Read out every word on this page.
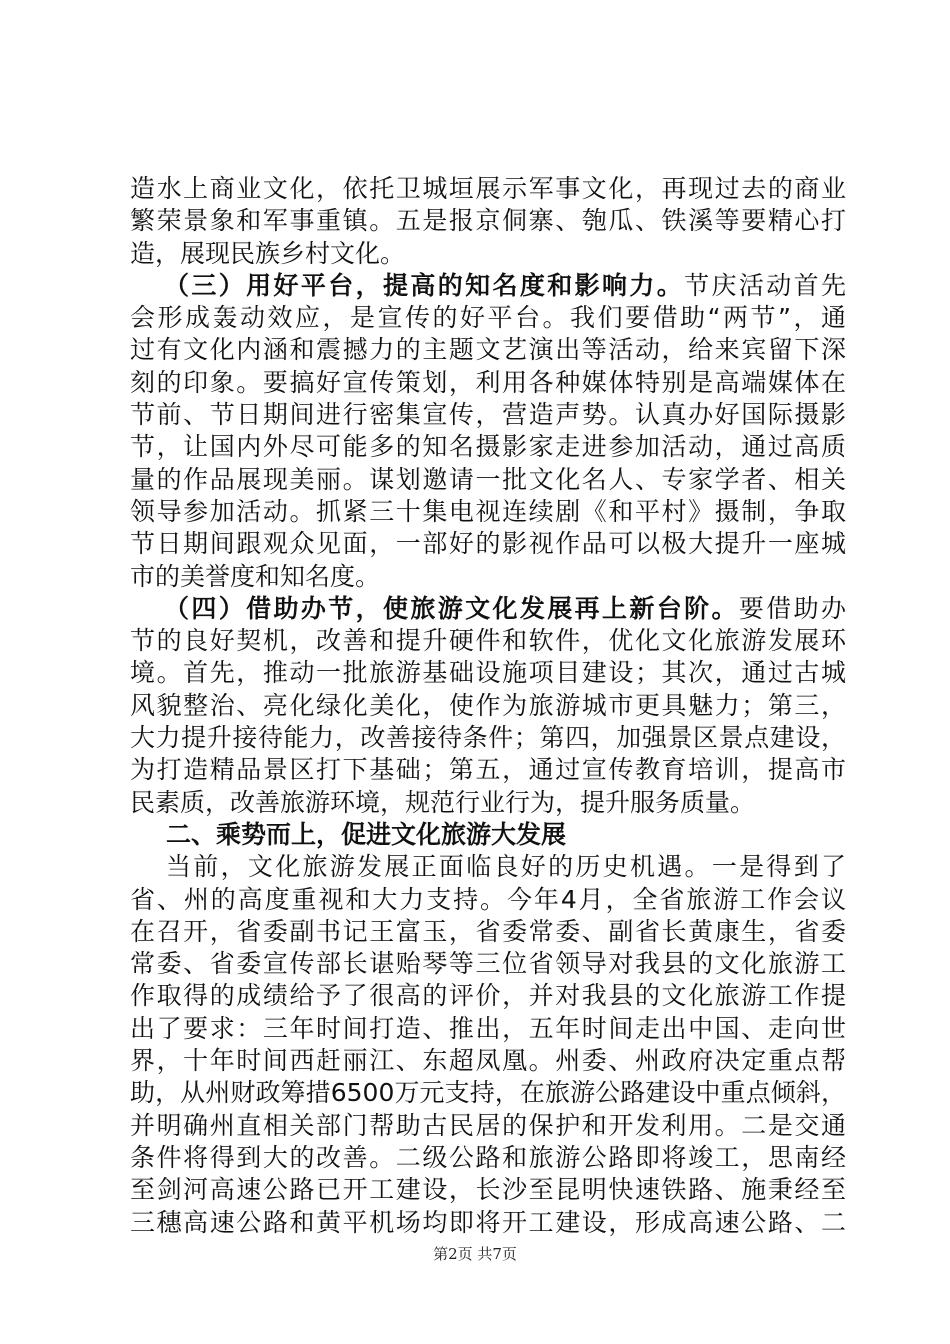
造水上商业文化，依托卫城垣展示军事文化，再现过去的商业
繁荣景象和军事重镇。五是报京侗寨、匏瓜、铁溪等要精心打
造，展现民族乡村文化。
（三）用好平台，提高的知名度和影响力。节庆活动首先
会形成轰动效应，是宣传的好平台。我们要借助“两节”，通
过有文化内涵和震撼力的主题文艺演出等活动，给来宾留下深
刻的印象。要搞好宣传策划，利用各种媒体特别是高端媒体在
节前、节日期间进行密集宣传，营造声势。认真办好国际摄影
节，让国内外尽可能多的知名摄影家走进参加活动，通过高质
量的作品展现美丽。谋划邀请一批文化名人、专家学者、相关
领导参加活动。抓紧三十集电视连续剧《和平村》摄制，争取
节日期间跟观众见面，一部好的影视作品可以极大提升一座城
市的美誉度和知名度。
（四）借助办节，使旅游文化发展再上新台阶。要借助办
节的良好契机，改善和提升硬件和软件，优化文化旅游发展环
境。首先，推动一批旅游基础设施项目建设；其次，通过古城
风貌整治、亮化绿化美化，使作为旅游城市更具魅力；第三，
大力提升接待能力，改善接待条件；第四，加强景区景点建设，
为打造精品景区打下基础；第五，通过宣传教育培训，提高市
民素质，改善旅游环境，规范行业行为，提升服务质量。
二、乘势而上，促进文化旅游大发展
当前，文化旅游发展正面临良好的历史机遇。一是得到了
省、州的高度重视和大力支持。今年4月，全省旅游工作会议
在召开，省委副书记王富玉，省委常委、副省长黄康生，省委
常委、省委宣传部长谌贻琴等三位省领导对我县的文化旅游工
作取得的成绩给予了很高的评价，并对我县的文化旅游工作提
出了要求：三年时间打造、推出，五年时间走出中国、走向世
界，十年时间西赶丽江、东超凤凰。州委、州政府决定重点帮
助，从州财政筹措6500万元支持，在旅游公路建设中重点倾斜，
并明确州直相关部门帮助古民居的保护和开发利用。二是交通
条件将得到大的改善。二级公路和旅游公路即将竣工，思南经
至剑河高速公路已开工建设，长沙至昆明快速铁路、施秉经至
三穗高速公路和黄平机场均即将开工建设，形成高速公路、二
第2页 共7页
